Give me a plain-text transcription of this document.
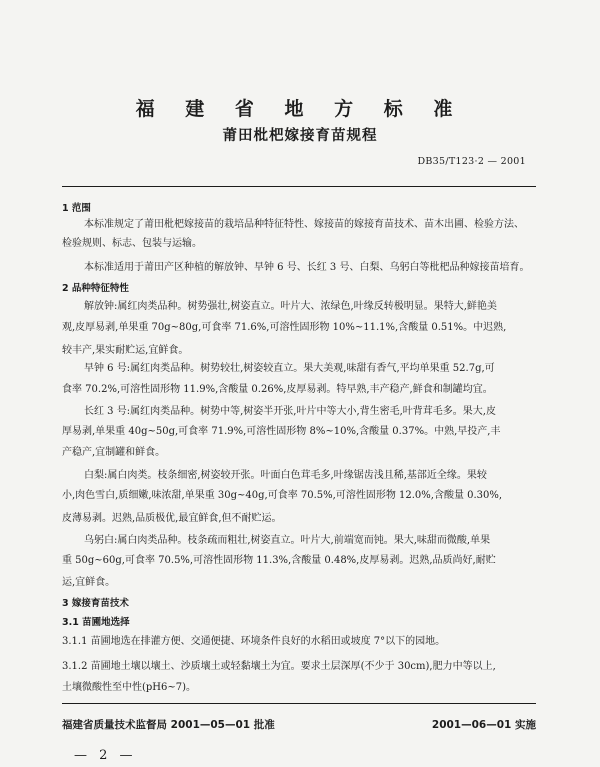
福 建 省 地 方 标 准
莆田枇杷嫁接育苗规程
DB35/T123·2 — 2001
1 范围
本标准规定了莆田枇杷嫁接苗的栽培品种特征特性、嫁接苗的嫁接育苗技术、苗木出圃、检验方法、
检验规则、标志、包装与运输。
本标准适用于莆田产区种植的解放钟、早钟 6 号、长红 3 号、白梨、乌躬白等枇杷品种嫁接苗培育。
2 品种特征特性
解放钟:属红肉类品种。树势强壮,树姿直立。叶片大、浓绿色,叶缘反转极明显。果特大,鲜艳美
观,皮厚易剥,单果重 70g~80g,可食率 71.6%,可溶性固形物 10%~11.1%,含酸量 0.51%。中迟熟,
较丰产,果实耐贮运,宜鲜食。
早钟 6 号:属红肉类品种。树势较壮,树姿较直立。果大美观,味甜有香气,平均单果重 52.7g,可
食率 70.2%,可溶性固形物 11.9%,含酸量 0.26%,皮厚易剥。特早熟,丰产稳产,鲜食和制罐均宜。
长红 3 号:属红肉类品种。树势中等,树姿半开张,叶片中等大小,背生密毛,叶背茸毛多。果大,皮
厚易剥,单果重 40g~50g,可食率 71.9%,可溶性固形物 8%~10%,含酸量 0.37%。中熟,早投产,丰
产稳产,宜制罐和鲜食。
白梨:属白肉类。枝条细密,树姿较开张。叶面白色茸毛多,叶缘锯齿浅且稀,基部近全缘。果较
小,肉色雪白,质细嫩,味浓甜,单果重 30g~40g,可食率 70.5%,可溶性固形物 12.0%,含酸量 0.30%,
皮薄易剥。迟熟,品质极优,最宜鲜食,但不耐贮运。
乌躬白:属白肉类品种。枝条疏而粗壮,树姿直立。叶片大,前端宽而钝。果大,味甜而微酸,单果
重 50g~60g,可食率 70.5%,可溶性固形物 11.3%,含酸量 0.48%,皮厚易剥。迟熟,品质尚好,耐贮
运,宜鲜食。
3 嫁接育苗技术
3.1 苗圃地选择
3.1.1 苗圃地选在排灌方便、交通便捷、环境条件良好的水稻田或坡度 7°以下的园地。
3.1.2 苗圃地土壤以壤土、沙质壤土或轻黏壤土为宜。要求土层深厚(不少于 30cm),肥力中等以上,
土壤微酸性至中性(pH6~7)。
福建省质量技术监督局 2001—05—01 批准	2001—06—01 实施
— 2 —
